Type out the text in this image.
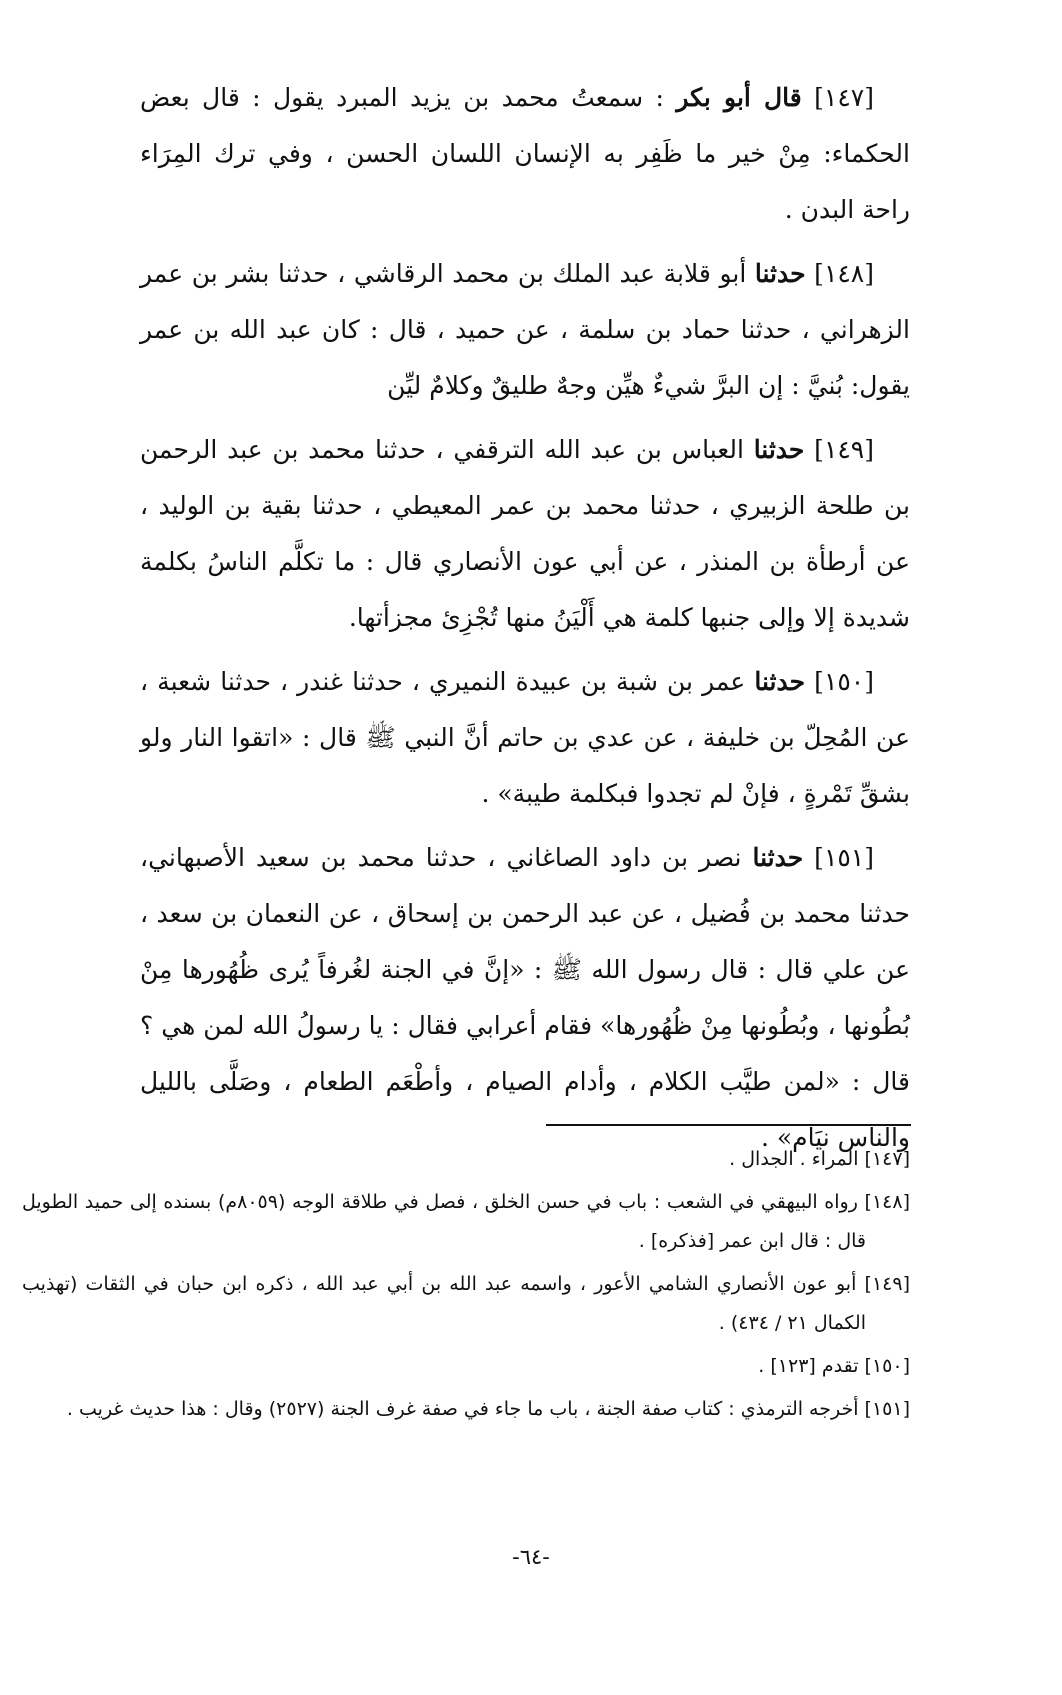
[١٤٧] قال أبو بكر : سمعتُ محمد بن يزيد المبرد يقول : قال بعض الحكماء: مِنْ خير ما ظَفِر به الإنسان اللسان الحسن ، وفي ترك المِرَاء راحة البدن .

[١٤٨] حدثنا أبو قلابة عبد الملك بن محمد الرقاشي ، حدثنا بشر بن عمر الزهراني ، حدثنا حماد بن سلمة ، عن حميد ، قال : كان عبد الله بن عمر يقول: بُنيَّ : إن البرَّ شيءٌ هيِّن وجهٌ طليقٌ وكلامٌ ليِّن

[١٤٩] حدثنا العباس بن عبد الله الترقفي ، حدثنا محمد بن عبد الرحمن بن طلحة الزبيري ، حدثنا محمد بن عمر المعيطي ، حدثنا بقية بن الوليد ، عن أرطأة بن المنذر ، عن أبي عون الأنصاري قال : ما تكلَّم الناسُ بكلمة شديدة إلا وإلى جنبها كلمة هي أَلْيَنُ منها تُجْزِئ مجزأتها.

[١٥٠] حدثنا عمر بن شبة بن عبيدة النميري ، حدثنا غندر ، حدثنا شعبة ، عن المُحِلّ بن خليفة ، عن عدي بن حاتم أنَّ النبي ﷺ قال : «اتقوا النار ولو بشقِّ تَمْرةٍ ، فإنْ لم تجدوا فبكلمة طيبة» .

[١٥١] حدثنا نصر بن داود الصاغاني ، حدثنا محمد بن سعيد الأصبهاني، حدثنا محمد بن فُضيل ، عن عبد الرحمن بن إسحاق ، عن النعمان بن سعد ، عن علي قال : قال رسول الله ﷺ : «إنَّ في الجنة لغُرفاً يُرى ظُهُورها مِنْ بُطُونها ، وبُطُونها مِنْ ظُهُورها» فقام أعرابي فقال : يا رسولُ الله لمن هي ؟ قال : «لمن طيَّب الكلام ، وأدام الصيام ، وأطْعَم الطعام ، وصَلَّى بالليل والناس نيَام» .

[١٤٧] المراء . الجدال .

[١٤٨] رواه البيهقي في الشعب : باب في حسن الخلق ، فصل في طلاقة الوجه (٨٠٥٩م) بسنده إلى حميد الطويل قال : قال ابن عمر [فذكره] .

[١٤٩] أبو عون الأنصاري الشامي الأعور ، واسمه عبد الله بن أبي عبد الله ، ذكره ابن حبان في الثقات (تهذيب الكمال ٢١ / ٤٣٤) .

[١٥٠] تقدم [١٢٣] .

[١٥١] أخرجه الترمذي : كتاب صفة الجنة ، باب ما جاء في صفة غرف الجنة (٢٥٢٧) وقال : هذا حديث غريب .

-٦٤-
